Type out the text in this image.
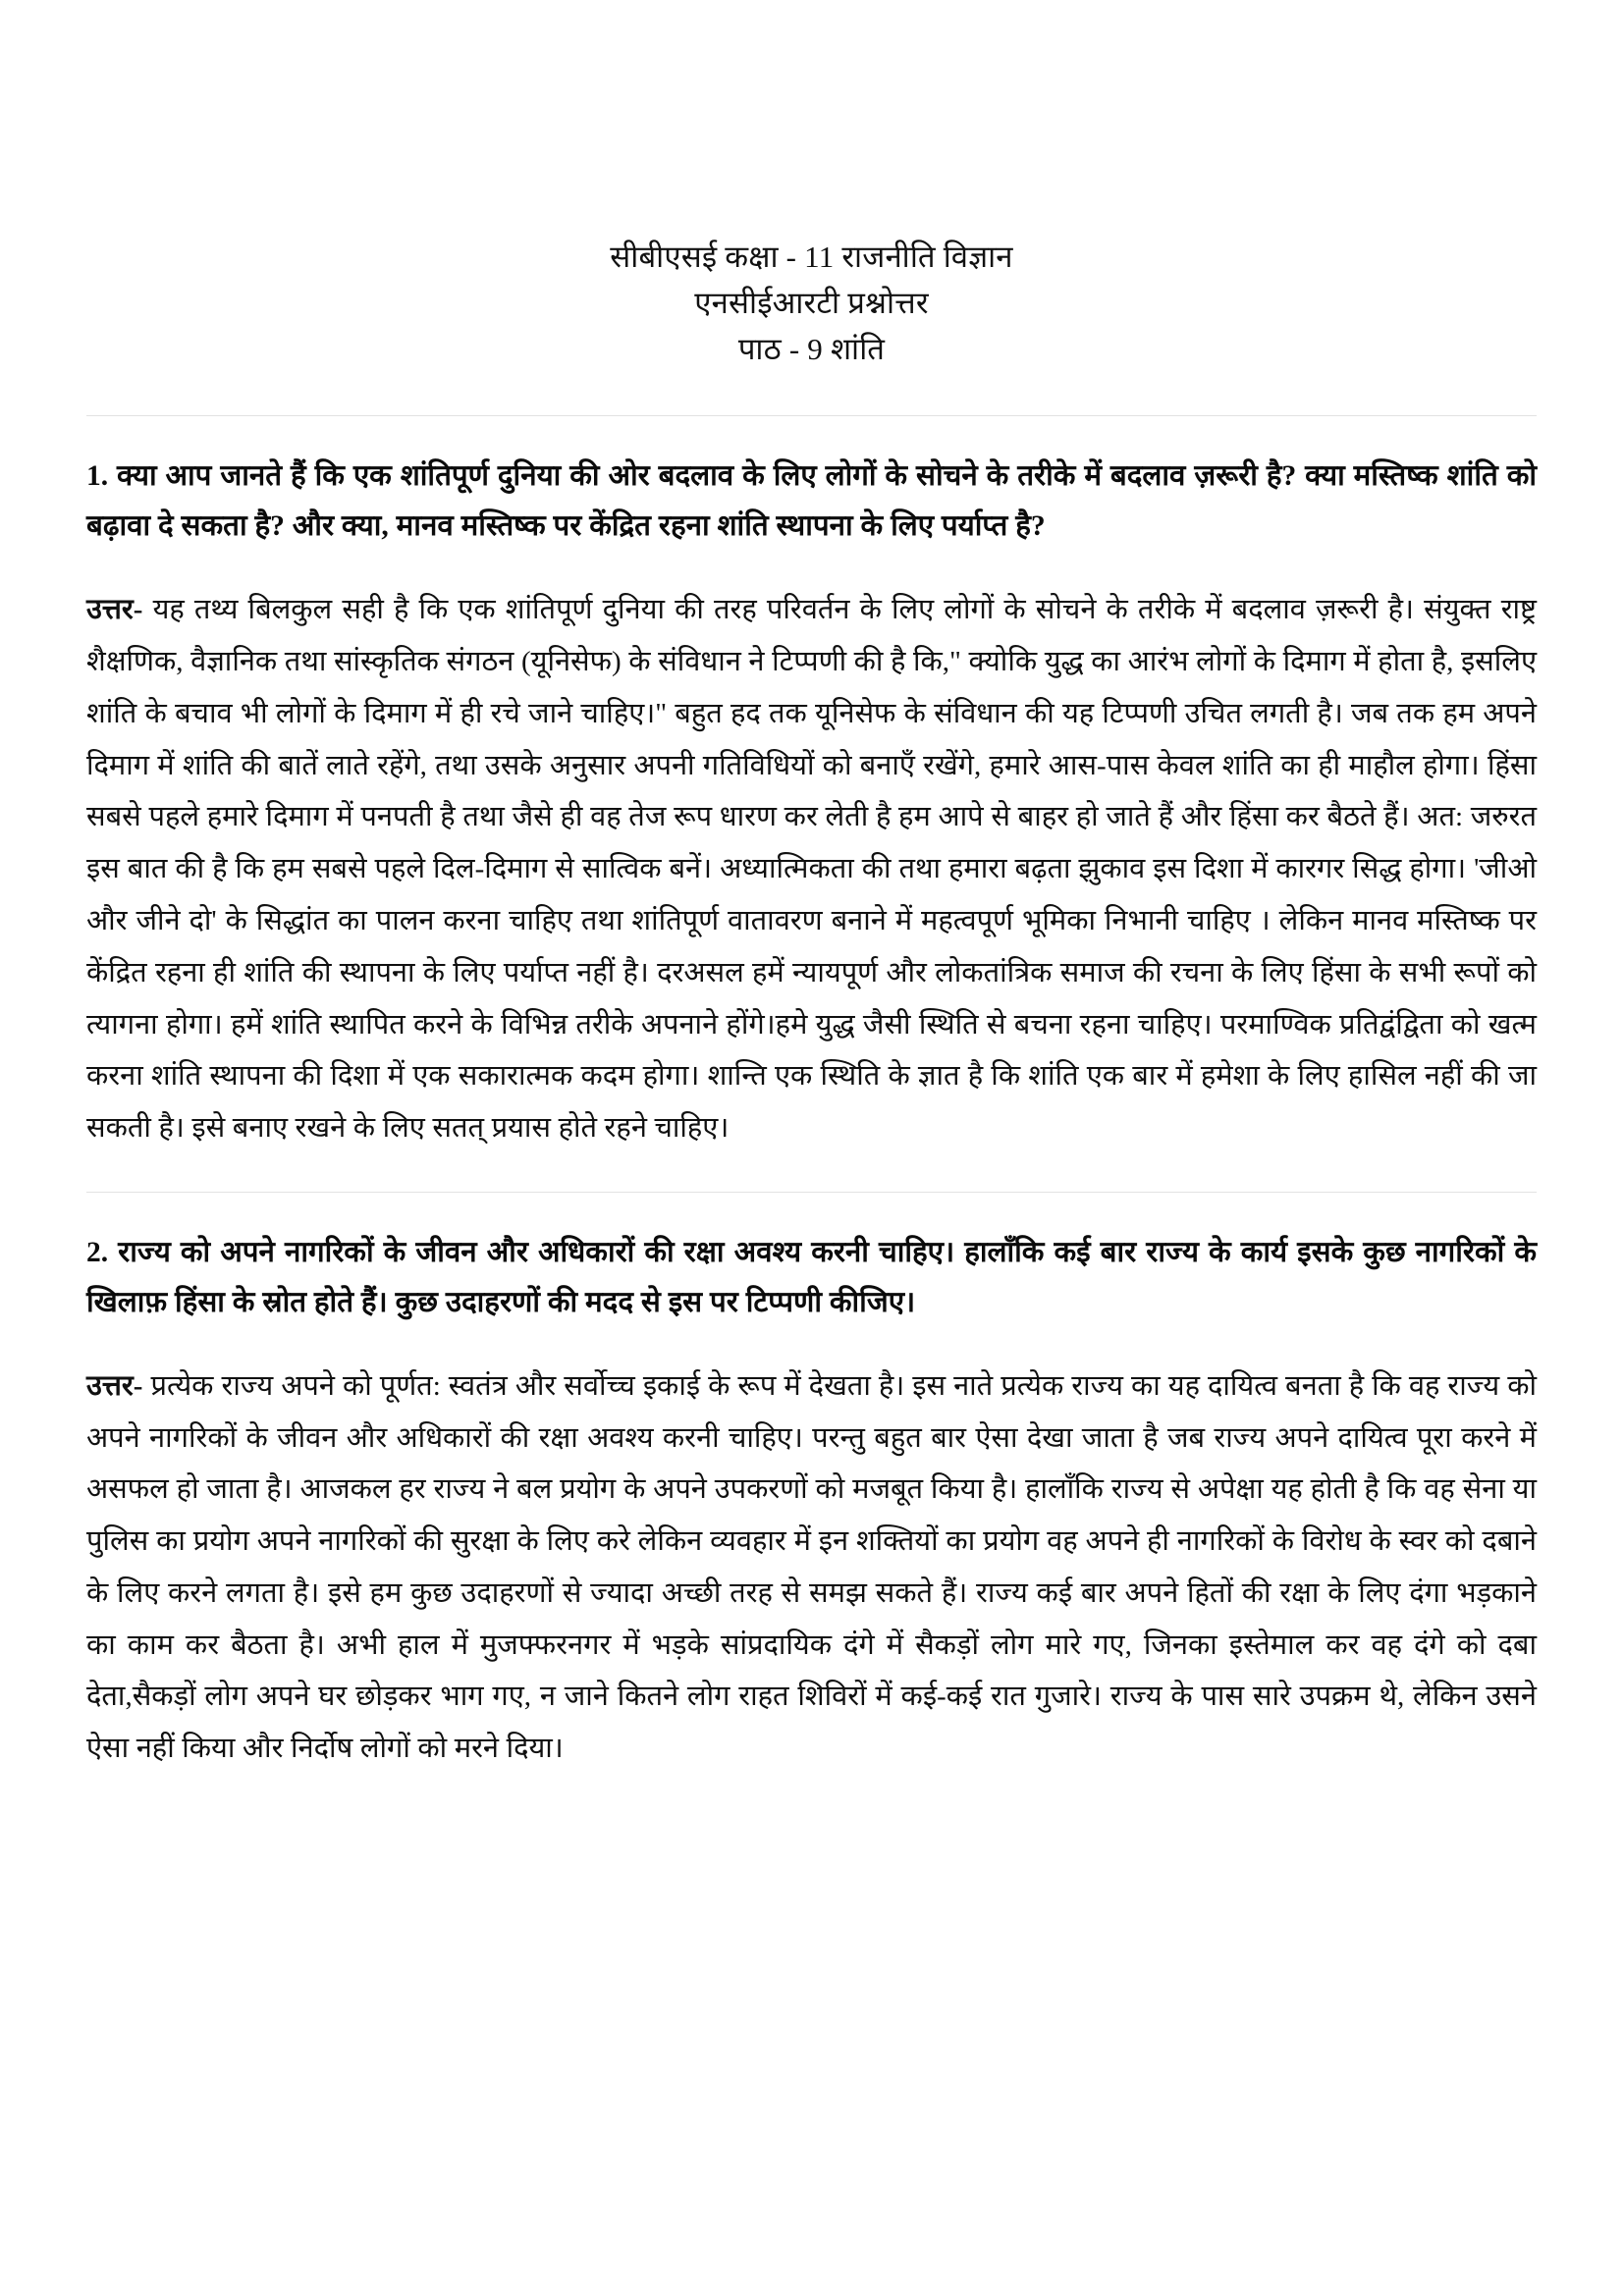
सीबीएसई कक्षा - 11 राजनीति विज्ञान
एनसीईआरटी प्रश्नोत्तर
पाठ - 9 शांति

1. क्या आप जानते हैं कि एक शांतिपूर्ण दुनिया की ओर बदलाव के लिए लोगों के सोचने के तरीके में बदलाव ज़रूरी है? क्या मस्तिष्क शांति को बढ़ावा दे सकता है? और क्या, मानव मस्तिष्क पर केंद्रित रहना शांति स्थापना के लिए पर्याप्त है?

उत्तर- यह तथ्य बिलकुल सही है कि एक शांतिपूर्ण दुनिया की तरह परिवर्तन के लिए लोगों के सोचने के तरीके में बदलाव ज़रूरी है। संयुक्त राष्ट्र शैक्षणिक, वैज्ञानिक तथा सांस्कृतिक संगठन (यूनिसेफ) के संविधान ने टिप्पणी की है कि," क्योकि युद्ध का आरंभ लोगों के दिमाग में होता है, इसलिए शांति के बचाव भी लोगों के दिमाग में ही रचे जाने चाहिए।" बहुत हद तक यूनिसेफ के संविधान की यह टिप्पणी उचित लगती है। जब तक हम अपने दिमाग में शांति की बातें लाते रहेंगे, तथा उसके अनुसार अपनी गतिविधियों को बनाएँ रखेंगे, हमारे आस-पास केवल शांति का ही माहौल होगा। हिंसा सबसे पहले हमारे दिमाग में पनपती है तथा जैसे ही वह तेज रूप धारण कर लेती है हम आपे से बाहर हो जाते हैं और हिंसा कर बैठते हैं। अत: जरुरत इस बात की है कि हम सबसे पहले दिल-दिमाग से सात्विक बनें। अध्यात्मिकता की तथा हमारा बढ़ता झुकाव इस दिशा में कारगर सिद्ध होगा। 'जीओ और जीने दो' के सिद्धांत का पालन करना चाहिए तथा शांतिपूर्ण वातावरण बनाने में महत्वपूर्ण भूमिका निभानी चाहिए । लेकिन मानव मस्तिष्क पर केंद्रित रहना ही शांति की स्थापना के लिए पर्याप्त नहीं है। दरअसल हमें न्यायपूर्ण और लोकतांत्रिक समाज की रचना के लिए हिंसा के सभी रूपों को त्यागना होगा। हमें शांति स्थापित करने के विभिन्न तरीके अपनाने होंगे।हमे युद्ध जैसी स्थिति से बचना रहना चाहिए। परमाण्विक प्रतिद्वंद्विता को खत्म करना शांति स्थापना की दिशा में एक सकारात्मक कदम होगा। शान्ति एक स्थिति के ज्ञात है कि शांति एक बार में हमेशा के लिए हासिल नहीं की जा सकती है। इसे बनाए रखने के लिए सतत् प्रयास होते रहने चाहिए।

2. राज्य को अपने नागरिकों के जीवन और अधिकारों की रक्षा अवश्य करनी चाहिए। हालाँकि कई बार राज्य के कार्य इसके कुछ नागरिकों के खिलाफ़ हिंसा के स्रोत होते हैं। कुछ उदाहरणों की मदद से इस पर टिप्पणी कीजिए।

उत्तर- प्रत्येक राज्य अपने को पूर्णत: स्वतंत्र और सर्वोच्च इकाई के रूप में देखता है। इस नाते प्रत्येक राज्य का यह दायित्व बनता है कि वह राज्य को अपने नागरिकों के जीवन और अधिकारों की रक्षा अवश्य करनी चाहिए। परन्तु बहुत बार ऐसा देखा जाता है जब राज्य अपने दायित्व पूरा करने में असफल हो जाता है। आजकल हर राज्य ने बल प्रयोग के अपने उपकरणों को मजबूत किया है। हालाँकि राज्य से अपेक्षा यह होती है कि वह सेना या पुलिस का प्रयोग अपने नागरिकों की सुरक्षा के लिए करे लेकिन व्यवहार में इन शक्तियों का प्रयोग वह अपने ही नागरिकों के विरोध के स्वर को दबाने के लिए करने लगता है। इसे हम कुछ उदाहरणों से ज्यादा अच्छी तरह से समझ सकते हैं। राज्य कई बार अपने हितों की रक्षा के लिए दंगा भड़काने का काम कर बैठता है। अभी हाल में मुजफ्फरनगर में भड़के सांप्रदायिक दंगे में सैकड़ों लोग मारे गए, जिनका इस्तेमाल कर वह दंगे को दबा देता,सैकड़ों लोग अपने घर छोड़कर भाग गए, न जाने कितने लोग राहत शिविरों में कई-कई रात गुजारे। राज्य के पास सारे उपक्रम थे, लेकिन उसने ऐसा नहीं किया और निर्दोष लोगों को मरने दिया।
